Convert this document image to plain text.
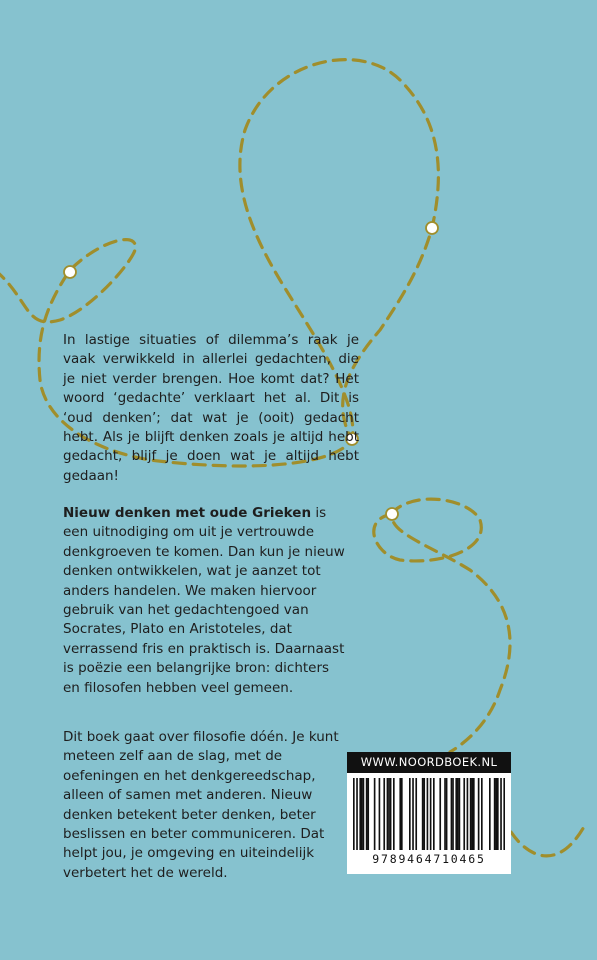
In lastige situaties of dilemma’s raak je vaak verwikkeld in allerlei gedachten, die je niet verder brengen. Hoe komt dat? Het woord ‘gedachte’ verklaart het al. Dit is ‘oud denken’; dat wat je (ooit) gedacht hebt. Als je blijft denken zoals je altijd hebt gedacht, blijf je doen wat je altijd hebt gedaan!

Nieuw denken met oude Grieken is een uitnodiging om uit je vertrouwde denkgroeven te komen. Dan kun je nieuw denken ontwikkelen, wat je aanzet tot anders handelen. We maken hiervoor gebruik van het gedachtengoed van Socrates, Plato en Aristoteles, dat verrassend fris en praktisch is. Daarnaast is poëzie een belangrijke bron: dichters en filosofen hebben veel gemeen.

Dit boek gaat over filosofie dóén. Je kunt meteen zelf aan de slag, met de oefeningen en het denkgereedschap, alleen of samen met anderen. Nieuw denken betekent beter denken, beter beslissen en beter communiceren. Dat helpt jou, je omgeving en uiteindelijk verbetert het de wereld.

WWW.NOORDBOEK.NL
9789464710465
